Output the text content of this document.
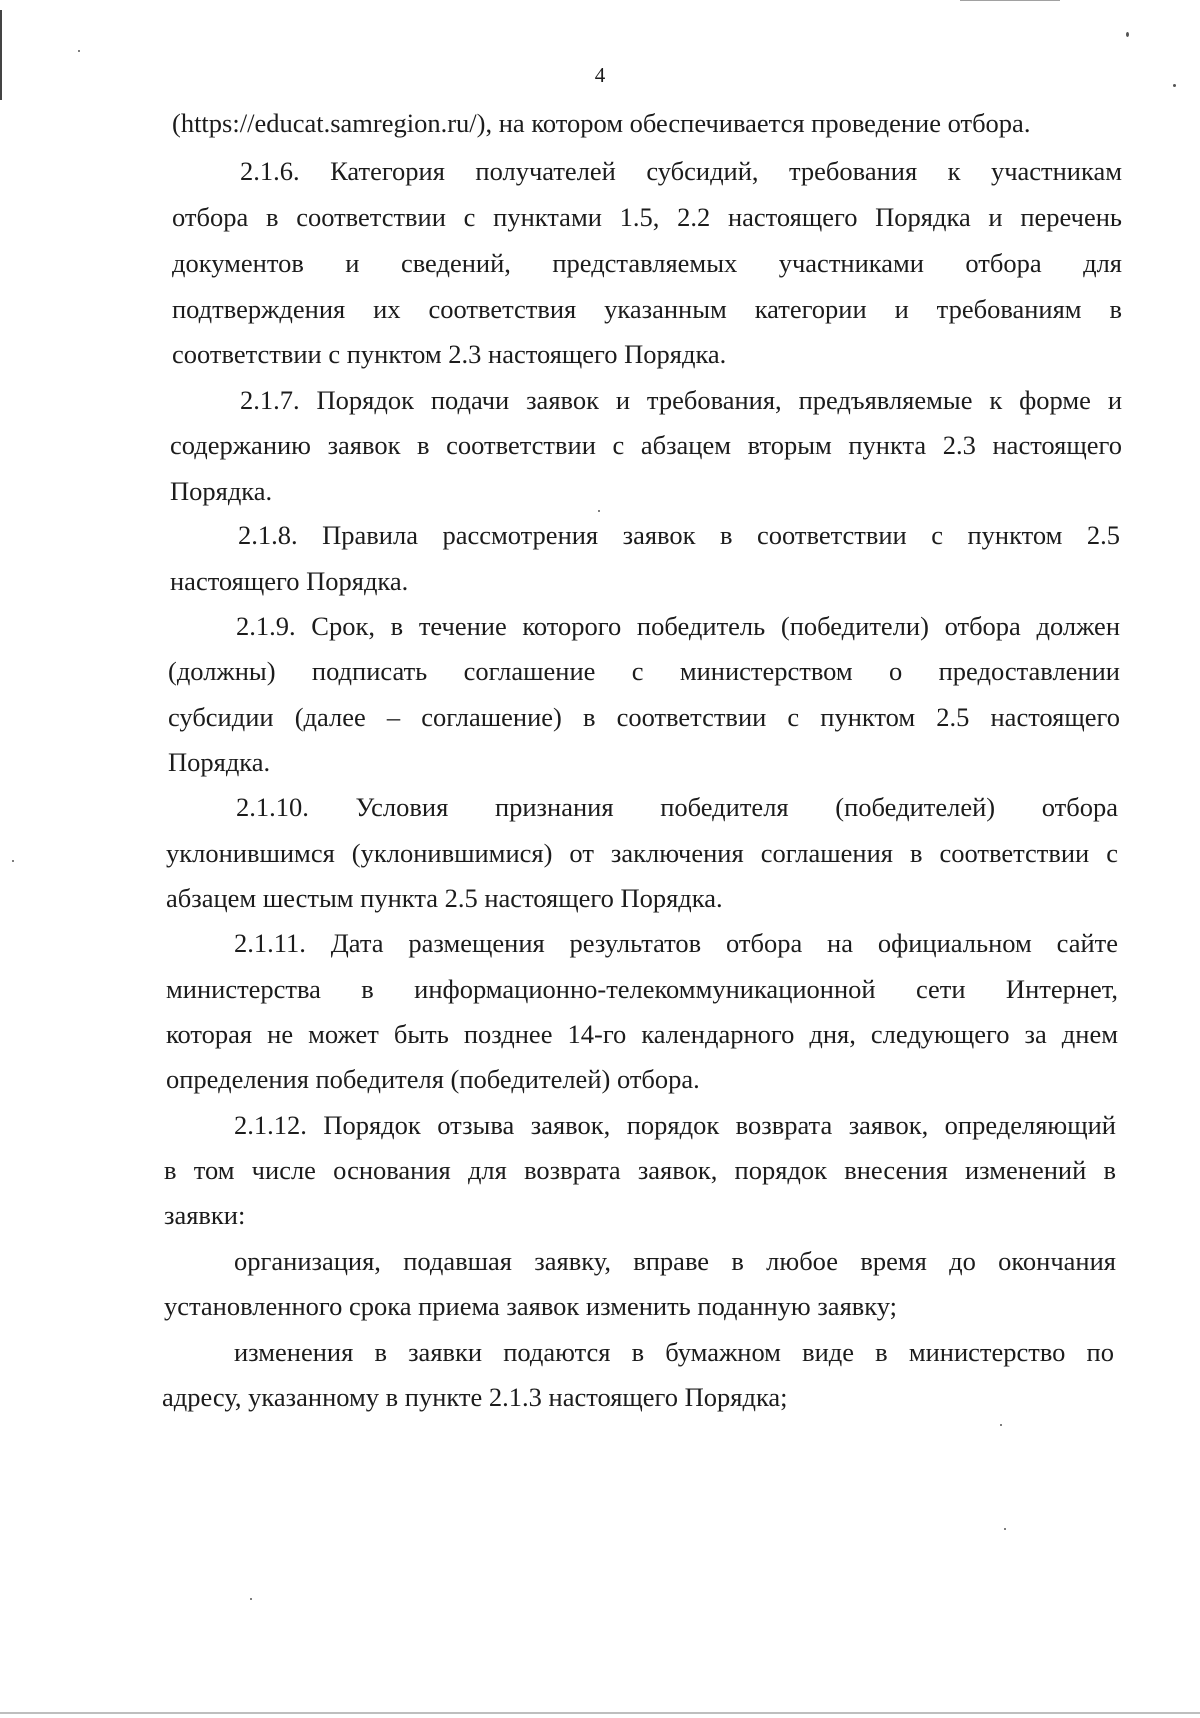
4
(https://educat.samregion.ru/), на котором обеспечивается проведение отбора.
2.1.6. Категория получателей субсидий, требования к участникам
отбора в соответствии с пунктами 1.5, 2.2 настоящего Порядка и перечень
документов и сведений, представляемых участниками отбора для
подтверждения их соответствия указанным категории и требованиям в
соответствии с пунктом 2.3 настоящего Порядка.
2.1.7. Порядок подачи заявок и требования, предъявляемые к форме и
содержанию заявок в соответствии с абзацем вторым пункта 2.3 настоящего
Порядка.
2.1.8. Правила рассмотрения заявок в соответствии с пунктом 2.5
настоящего Порядка.
2.1.9. Срок, в течение которого победитель (победители) отбора должен
(должны) подписать соглашение с министерством о предоставлении
субсидии (далее – соглашение) в соответствии с пунктом 2.5 настоящего
Порядка.
2.1.10. Условия признания победителя (победителей) отбора
уклонившимся (уклонившимися) от заключения соглашения в соответствии с
абзацем шестым пункта 2.5 настоящего Порядка.
2.1.11. Дата размещения результатов отбора на официальном сайте
министерства в информационно-телекоммуникационной сети Интернет,
которая не может быть позднее 14-го календарного дня, следующего за днем
определения победителя (победителей) отбора.
2.1.12. Порядок отзыва заявок, порядок возврата заявок, определяющий
в том числе основания для возврата заявок, порядок внесения изменений в
заявки:
организация, подавшая заявку, вправе в любое время до окончания
установленного срока приема заявок изменить поданную заявку;
изменения в заявки подаются в бумажном виде в министерство по
адресу, указанному в пункте 2.1.3 настоящего Порядка;
